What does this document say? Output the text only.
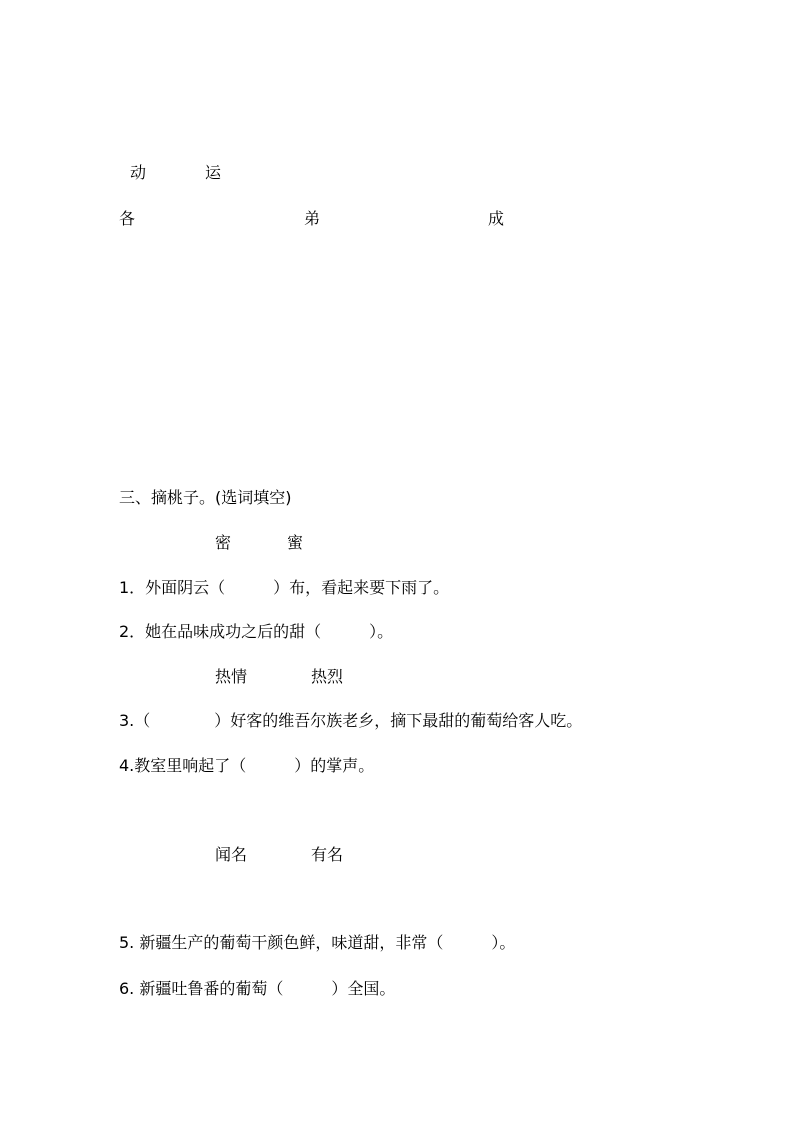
动	运
各	弟	成
三、摘桃子。(选词填空)
密	蜜
1．外面阴云（　　　）布，看起来要下雨了。
2．她在品味成功之后的甜（　　　）。
热情	热烈
3.（　　　　）好客的维吾尔族老乡，摘下最甜的葡萄给客人吃。
4.教室里响起了（　　　）的掌声。
闻名	有名
5. 新疆生产的葡萄干颜色鲜，味道甜，非常（　　　）。
6. 新疆吐鲁番的葡萄（　　　）全国。
